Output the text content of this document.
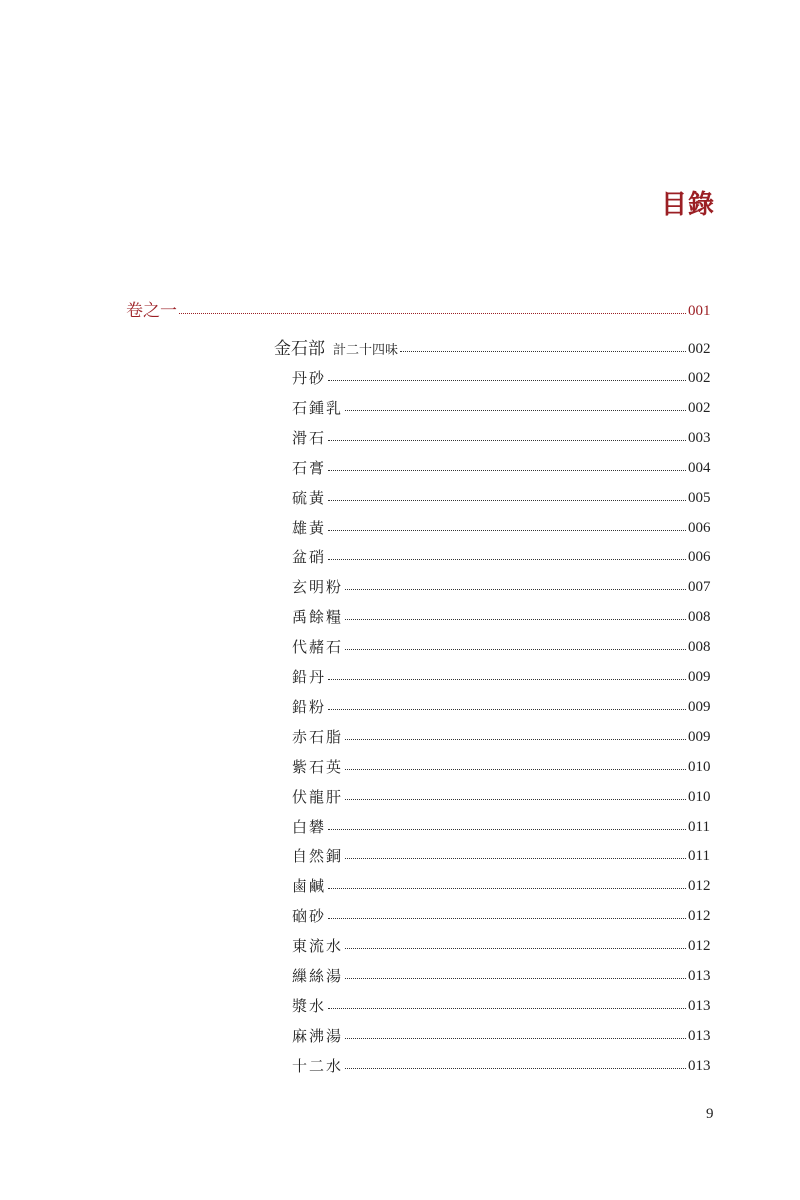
目錄
卷之一	001
金石部 計二十四味	002
丹砂	002
石鍾乳	002
滑石	003
石膏	004
硫黃	005
雄黃	006
盆硝	006
玄明粉	007
禹餘糧	008
代赭石	008
鉛丹	009
鉛粉	009
赤石脂	009
紫石英	010
伏龍肝	010
白礬	011
自然銅	011
鹵鹹	012
硇砂	012
東流水	012
繅絲湯	013
漿水	013
麻沸湯	013
十二水	013
9
